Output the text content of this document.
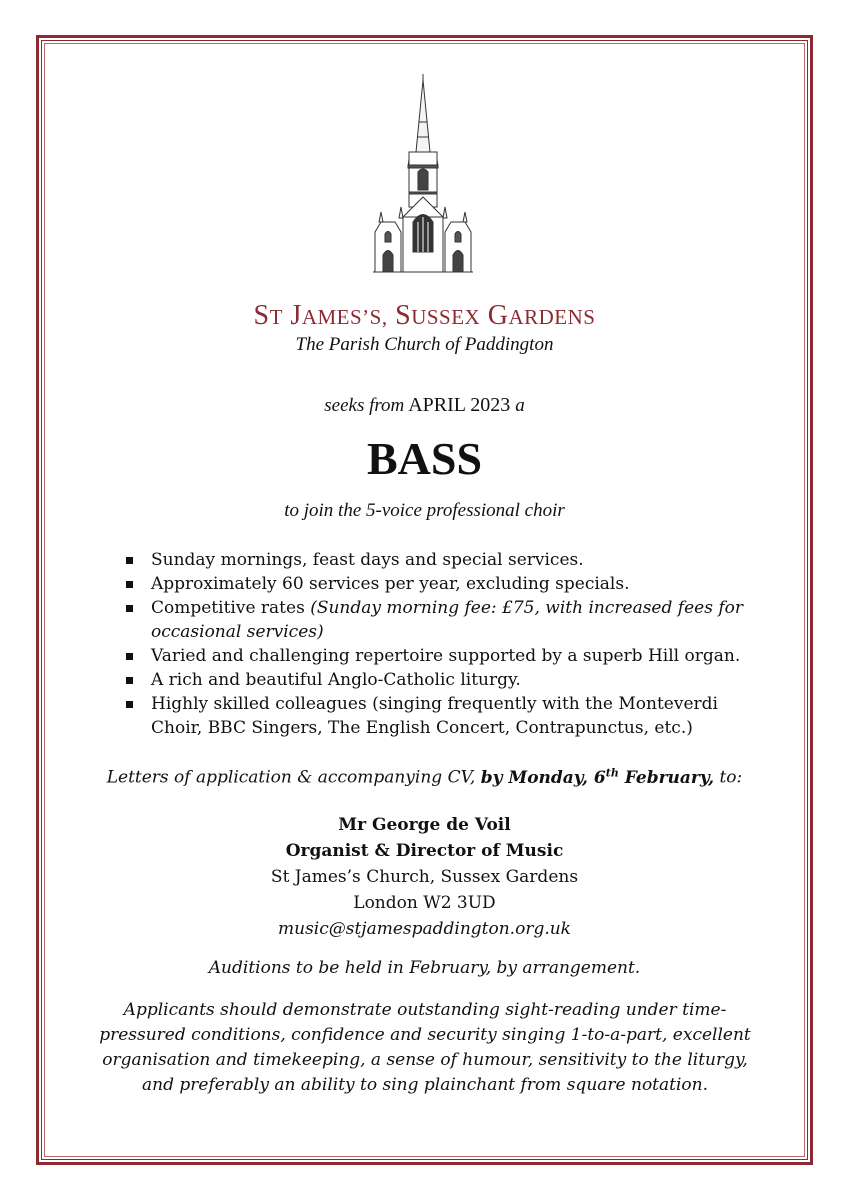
ST JAMES’S, SUSSEX GARDENS
The Parish Church of Paddington
seeks from APRIL 2023 a
BASS
to join the 5-voice professional choir
Sunday mornings, feast days and special services.
Approximately 60 services per year, excluding specials.
Competitive rates (Sunday morning fee: £75, with increased fees for occasional services)
Varied and challenging repertoire supported by a superb Hill organ.
A rich and beautiful Anglo-Catholic liturgy.
Highly skilled colleagues (singing frequently with the Monteverdi Choir, BBC Singers, The English Concert, Contrapunctus, etc.)
Letters of application & accompanying CV, by Monday, 6th February, to:
Mr George de Voil
Organist & Director of Music
St James’s Church, Sussex Gardens
London W2 3UD
music@stjamespaddington.org.uk
Auditions to be held in February, by arrangement.
Applicants should demonstrate outstanding sight-reading under time-pressured conditions, confidence and security singing 1-to-a-part, excellent organisation and timekeeping, a sense of humour, sensitivity to the liturgy, and preferably an ability to sing plainchant from square notation.
